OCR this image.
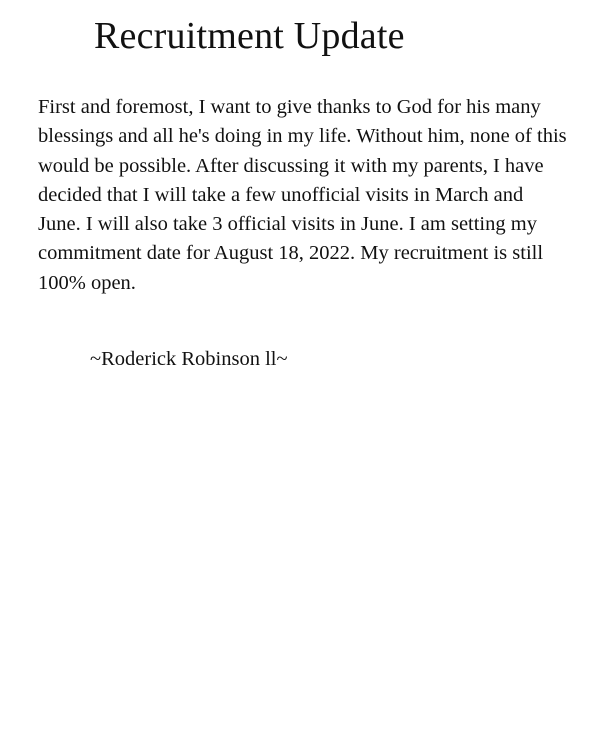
Recruitment Update

First and foremost, I want to give thanks to God for his many blessings and all he's doing in my life. Without him, none of this would be possible. After discussing it with my parents, I have decided that I will take a few unofficial visits in March and June. I will also take 3 official visits in June. I am setting my commitment date for August 18, 2022. My recruitment is still 100% open.

~Roderick Robinson ll~
